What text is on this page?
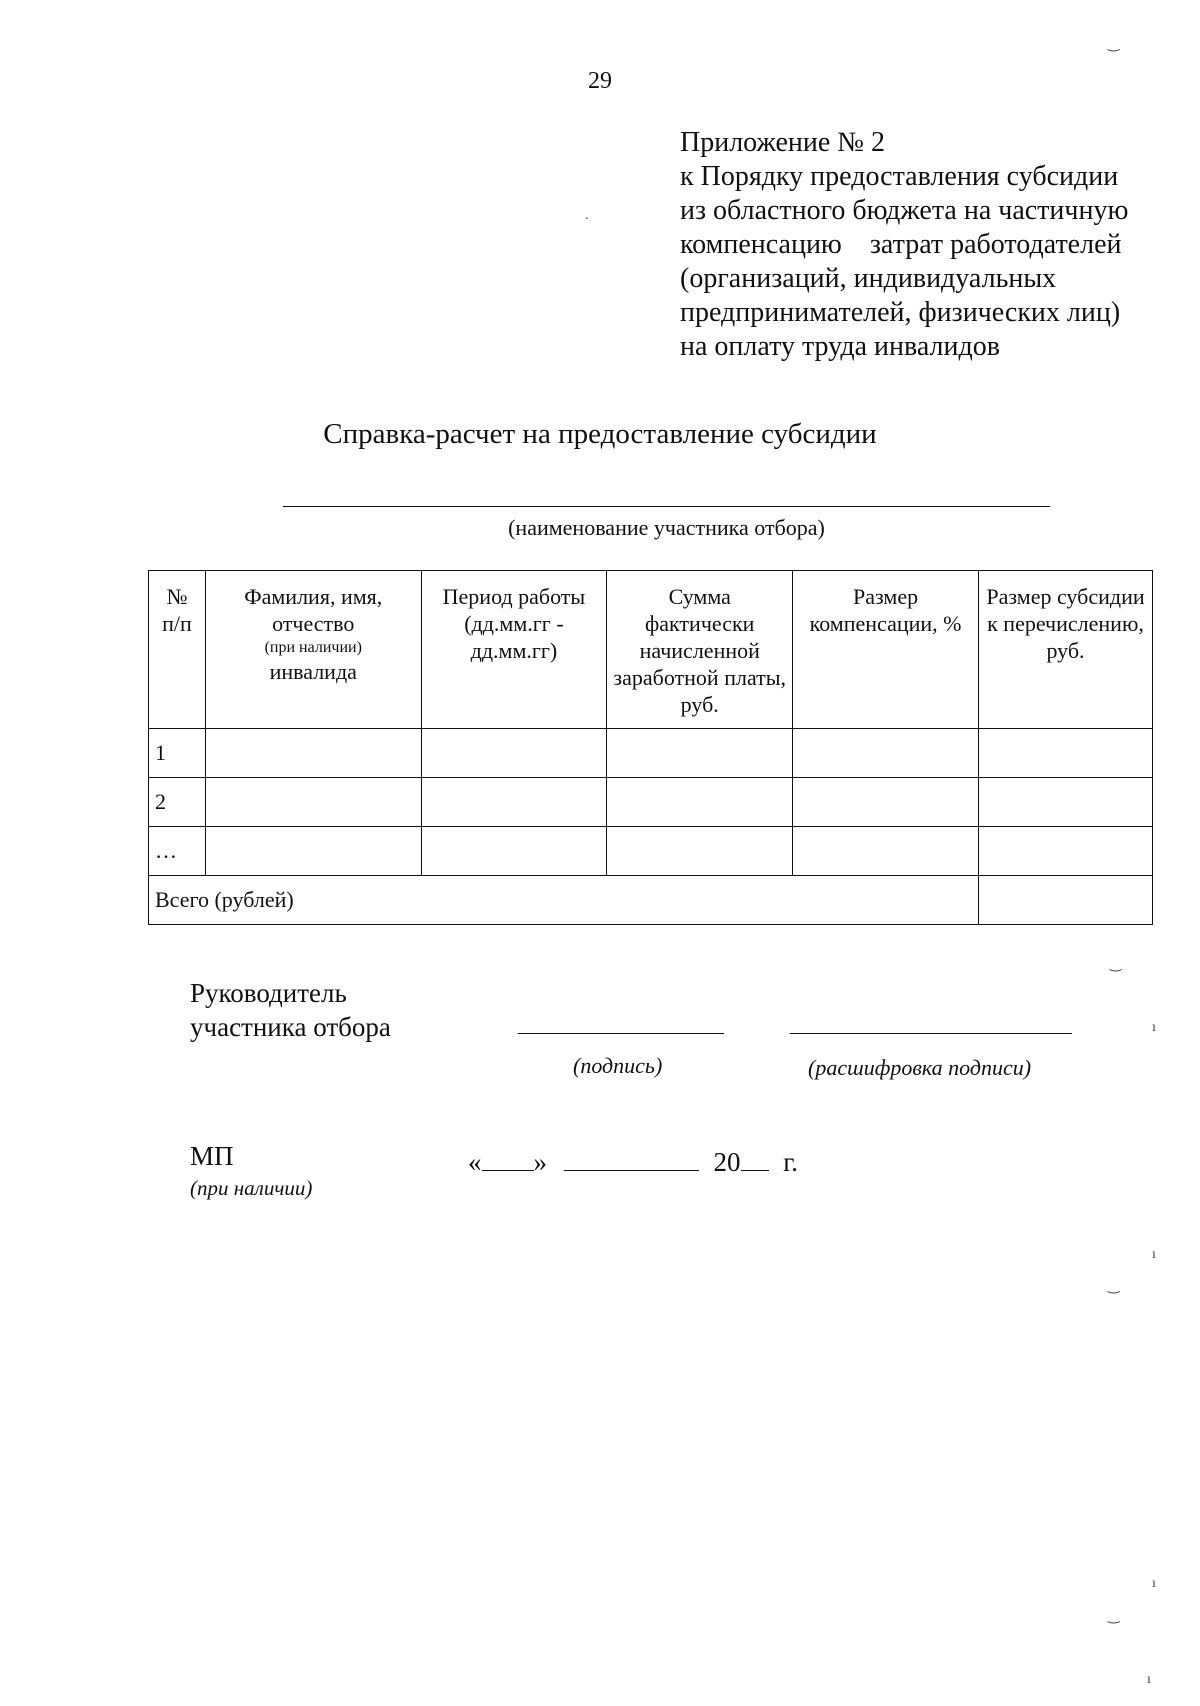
29
Приложение № 2
к Порядку предоставления субсидии
из областного бюджета на частичную
компенсацию    затрат работодателей
(организаций, индивидуальных
предпринимателей, физических лиц)
на оплату труда инвалидов
Справка-расчет на предоставление субсидии
(наименование участника отбора)
№ п/п	Фамилия, имя, отчество
(при наличии)
инвалида	Период работы (дд.мм.гг - дд.мм.гг)	Сумма фактически начисленной заработной платы, руб.	Размер компенсации, %	Размер субсидии к перечислению, руб.
1					
2					
…					
Всего (рублей)					
Руководитель
участника отбора
(подпись)	(расшифровка подписи)
МП
(при наличии)
« »	20 г.
‿
.
‿
ı
ı
‿
ı
‿
ı
